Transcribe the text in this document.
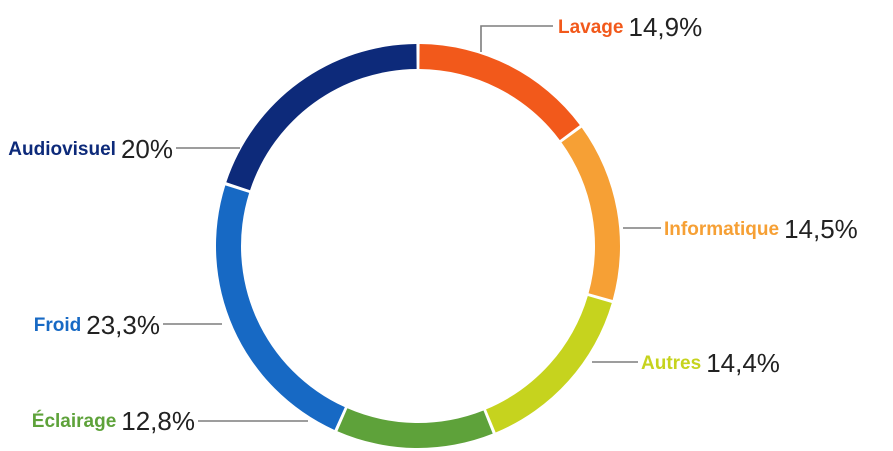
Lavage 14,9%
Informatique 14,5%
Autres 14,4%
Éclairage 12,8%
Froid 23,3%
Audiovisuel 20%
